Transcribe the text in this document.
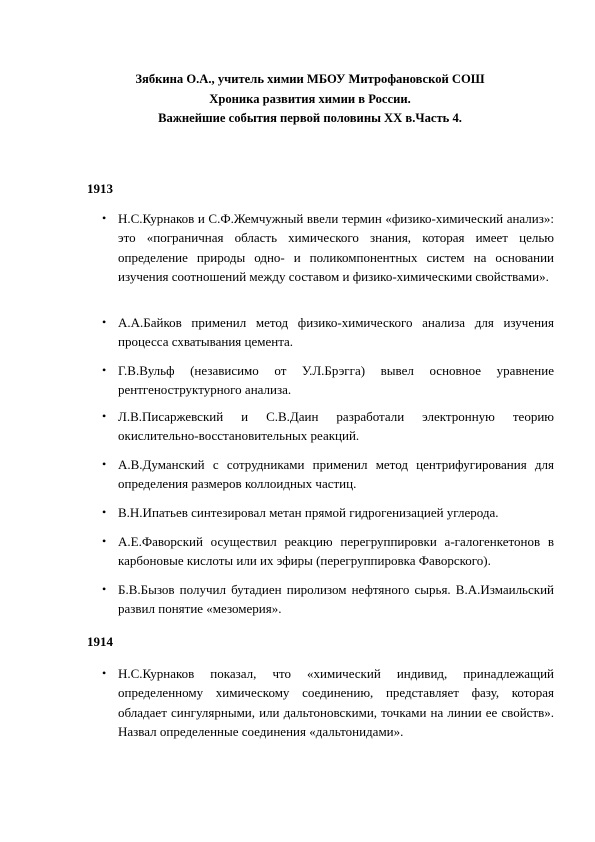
Зябкина О.А., учитель химии МБОУ Митрофановской СОШ
Хроника развития химии в России.
Важнейшие события первой половины XX в.Часть 4.
1913
• Н.С.Курнаков и С.Ф.Жемчужный ввели термин «физико-химический анализ»: это «пограничная область химического знания, которая имеет целью определение природы одно- и поликомпонентных систем на основании изучения соотношений между составом и физико-химическими свойствами».
• А.А.Байков применил метод физико-химического анализа для изучения процесса схватывания цемента.
• Г.В.Вульф (независимо от У.Л.Брэгга) вывел основное уравнение рентгеноструктурного анализа.
• Л.В.Писаржевский и С.В.Даин разработали электронную теорию окислительно-восстановительных реакций.
• А.В.Думанский с сотрудниками применил метод центрифугирования для определения размеров коллоидных частиц.
• В.Н.Ипатьев синтезировал метан прямой гидрогенизацией углерода.
• А.Е.Фаворский осуществил реакцию перегруппировки а-галогенкетонов в карбоновые кислоты или их эфиры (перегруппировка Фаворского).
• Б.В.Бызов получил бутадиен пиролизом нефтяного сырья. В.А.Измаильский развил понятие «мезомерия».
1914
• Н.С.Курнаков показал, что «химический индивид, принадлежащий определенному химическому соединению, представляет фазу, которая обладает сингулярными, или дальтоновскими, точками на линии ее свойств». Назвал определенные соединения «дальтонидами».
